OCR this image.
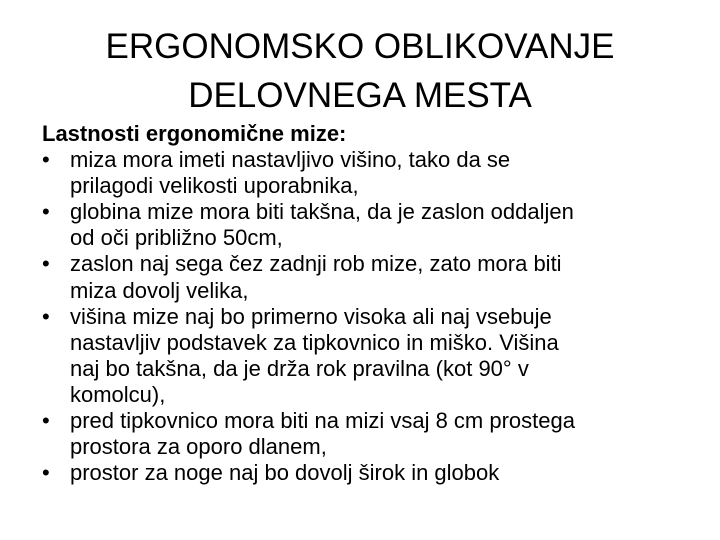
ERGONOMSKO OBLIKOVANJE
DELOVNEGA MESTA
Lastnosti ergonomične mize:
• miza mora imeti nastavljivo višino, tako da se
prilagodi velikosti uporabnika,
• globina mize mora biti takšna, da je zaslon oddaljen
od oči približno 50cm,
• zaslon naj sega čez zadnji rob mize, zato mora biti
miza dovolj velika,
• višina mize naj bo primerno visoka ali naj vsebuje
nastavljiv podstavek za tipkovnico in miško. Višina
naj bo takšna, da je drža rok pravilna (kot 90° v
komolcu),
• pred tipkovnico mora biti na mizi vsaj 8 cm prostega
prostora za oporo dlanem,
• prostor za noge naj bo dovolj širok in globok
